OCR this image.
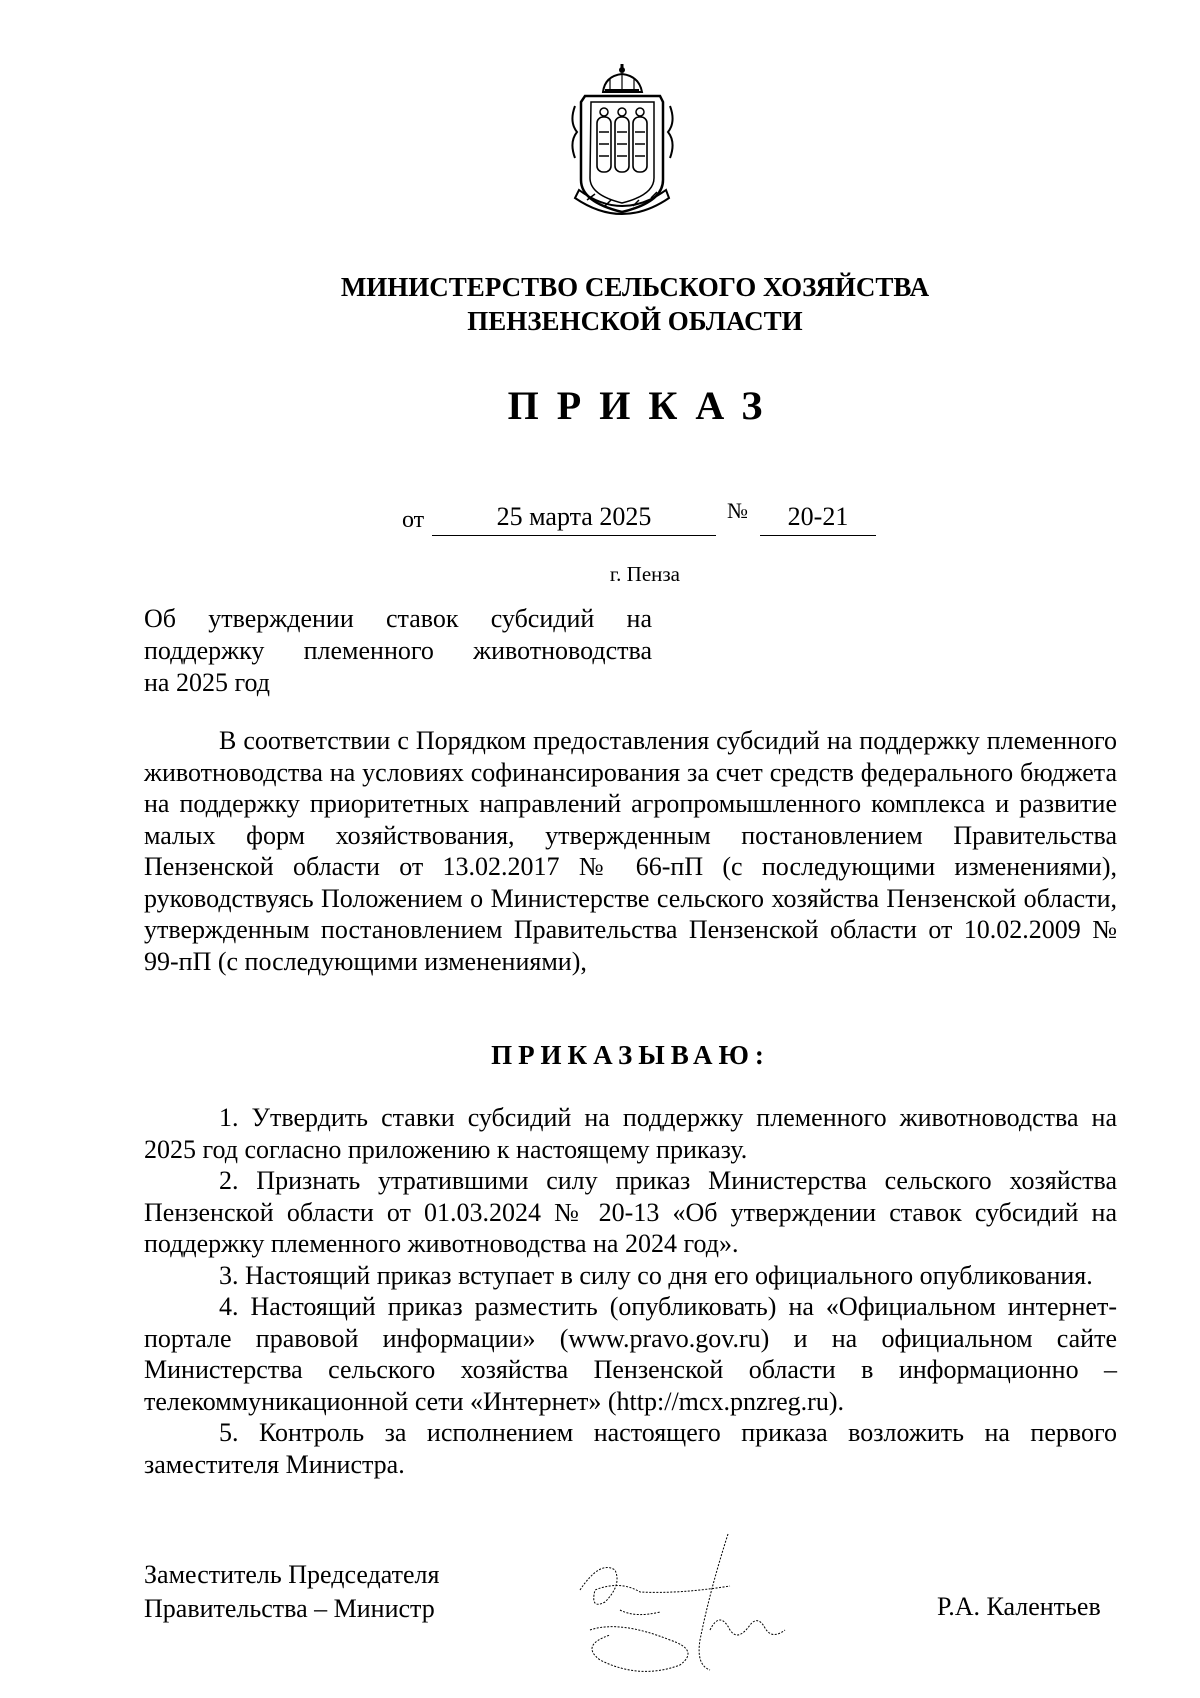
МИНИСТЕРСТВО СЕЛЬСКОГО ХОЗЯЙСТВА
ПЕНЗЕНСКОЙ ОБЛАСТИ
ПРИКАЗ
от	25 марта 2025	№	20-21
г. Пенза
Об утверждении ставок субсидий на
поддержку племенного животноводства
на 2025 год

В соответствии с Порядком предоставления субсидий на поддержку племенного животноводства на условиях софинансирования за счет средств федерального бюджета на поддержку приоритетных направлений агропромышленного комплекса и развитие малых форм хозяйствования, утвержденным постановлением Правительства Пензенской области от 13.02.2017 № 66-пП (с последующими изменениями), руководствуясь Положением о Министерстве сельского хозяйства Пензенской области, утвержденным постановлением Правительства Пензенской области от 10.02.2009 № 99-пП (с последующими изменениями),

ПРИКАЗЫВАЮ:

1. Утвердить ставки субсидий на поддержку племенного животноводства на 2025 год согласно приложению к настоящему приказу.

2. Признать утратившими силу приказ Министерства сельского хозяйства Пензенской области от 01.03.2024 № 20-13 «Об утверждении ставок субсидий на поддержку племенного животноводства на 2024 год».

3. Настоящий приказ вступает в силу со дня его официального опубликования.

4. Настоящий приказ разместить (опубликовать) на «Официальном интернет-портале правовой информации» (www.pravo.gov.ru) и на официальном сайте Министерства сельского хозяйства Пензенской области в информационно – телекоммуникационной сети «Интернет» (http://mcx.pnzreg.ru).

5. Контроль за исполнением настоящего приказа возложить на первого заместителя Министра.

Заместитель Председателя
Правительства – Министр	Р.А. Калентьев
